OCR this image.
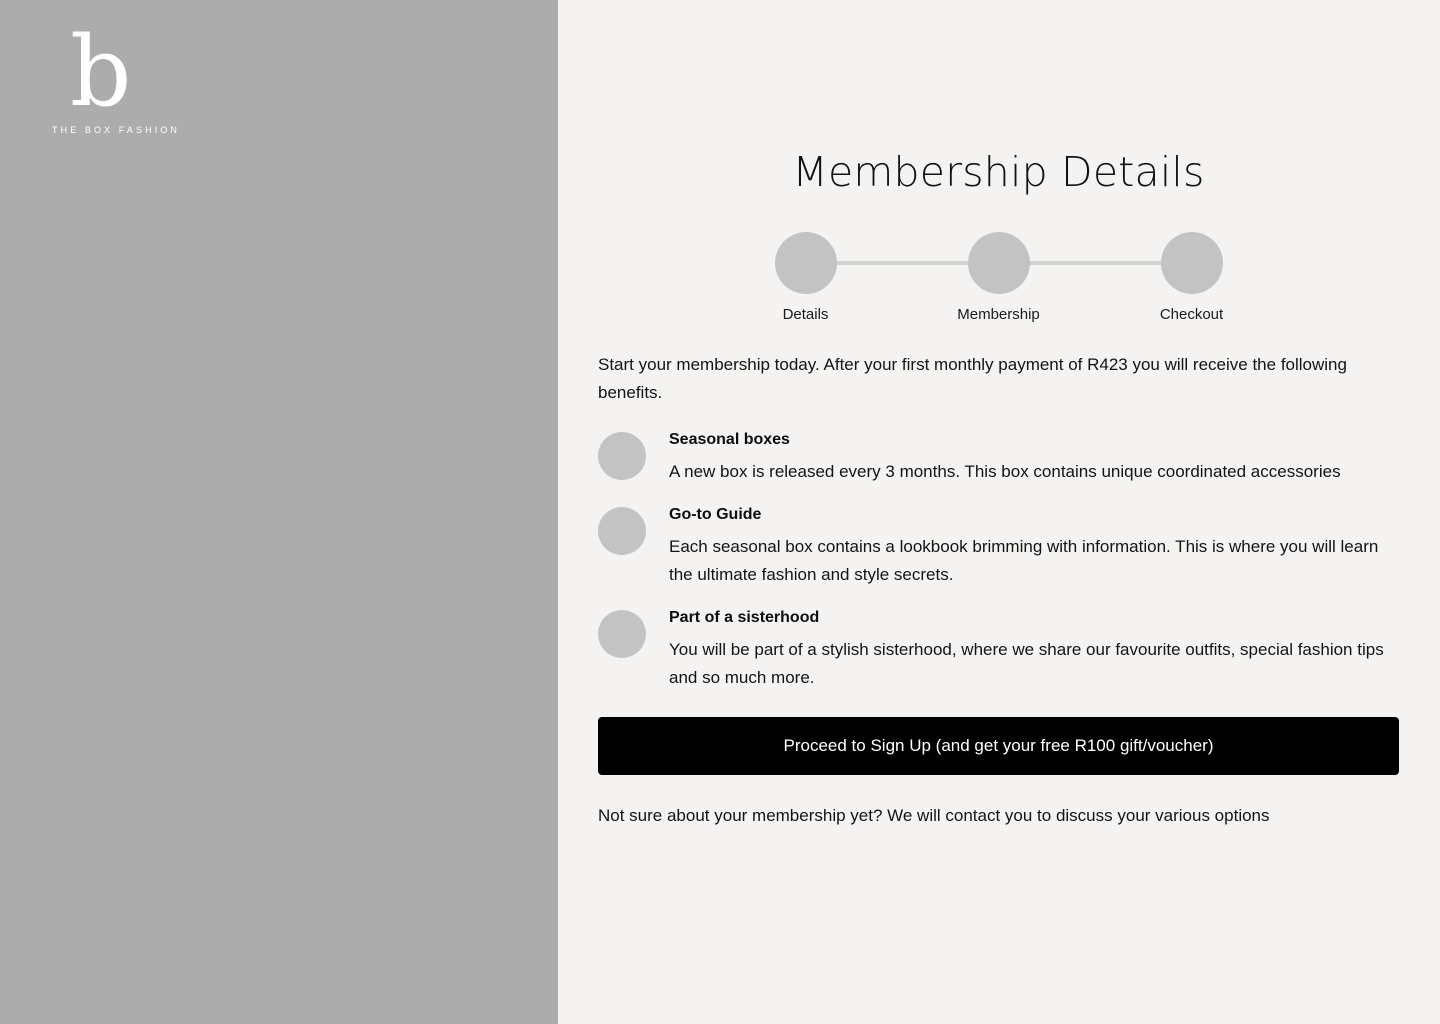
b
THE BOX FASHION
Membership Details
Details	Membership	Checkout

Start your membership today. After your first monthly payment of R423 you will receive the following benefits.

Seasonal boxes

A new box is released every 3 months. This box contains unique coordinated accessories

Go-to Guide

Each seasonal box contains a lookbook brimming with information. This is where you will learn the ultimate fashion and style secrets.

Part of a sisterhood

You will be part of a stylish sisterhood, where we share our favourite outfits, special fashion tips and so much more.

Proceed to Sign Up (and get your free R100 gift/voucher)

Not sure about your membership yet? We will contact you to discuss your various options
